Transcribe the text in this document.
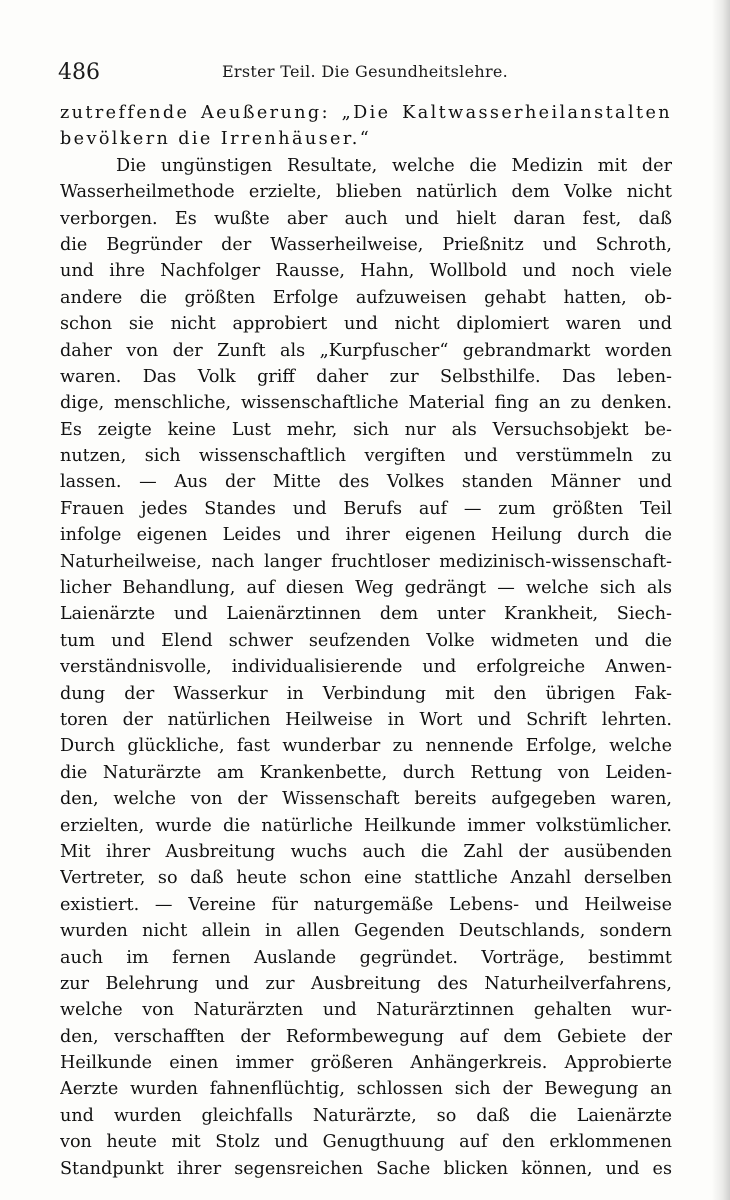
486	Erster Teil. Die Gesundheitslehre.
zutreffende Aeußerung: „Die Kaltwasserheilanstalten
bevölkern die Irrenhäuser.“
Die ungünstigen Resultate, welche die Medizin mit der
Wasserheilmethode erzielte, blieben natürlich dem Volke nicht
verborgen. Es wußte aber auch und hielt daran fest, daß
die Begründer der Wasserheilweise, Prießnitz und Schroth,
und ihre Nachfolger Rausse, Hahn, Wollbold und noch viele
andere die größten Erfolge aufzuweisen gehabt hatten, ob-
schon sie nicht approbiert und nicht diplomiert waren und
daher von der Zunft als „Kurpfuscher“ gebrandmarkt worden
waren. Das Volk griff daher zur Selbsthilfe. Das leben-
dige, menschliche, wissenschaftliche Material fing an zu denken.
Es zeigte keine Lust mehr, sich nur als Versuchsobjekt be-
nutzen, sich wissenschaftlich vergiften und verstümmeln zu
lassen. — Aus der Mitte des Volkes standen Männer und
Frauen jedes Standes und Berufs auf — zum größten Teil
infolge eigenen Leides und ihrer eigenen Heilung durch die
Naturheilweise, nach langer fruchtloser medizinisch-wissenschaft-
licher Behandlung, auf diesen Weg gedrängt — welche sich als
Laienärzte und Laienärztinnen dem unter Krankheit, Siech-
tum und Elend schwer seufzenden Volke widmeten und die
verständnisvolle, individualisierende und erfolgreiche Anwen-
dung der Wasserkur in Verbindung mit den übrigen Fak-
toren der natürlichen Heilweise in Wort und Schrift lehrten.
Durch glückliche, fast wunderbar zu nennende Erfolge, welche
die Naturärzte am Krankenbette, durch Rettung von Leiden-
den, welche von der Wissenschaft bereits aufgegeben waren,
erzielten, wurde die natürliche Heilkunde immer volkstümlicher.
Mit ihrer Ausbreitung wuchs auch die Zahl der ausübenden
Vertreter, so daß heute schon eine stattliche Anzahl derselben
existiert. — Vereine für naturgemäße Lebens- und Heilweise
wurden nicht allein in allen Gegenden Deutschlands, sondern
auch im fernen Auslande gegründet. Vorträge, bestimmt
zur Belehrung und zur Ausbreitung des Naturheilverfahrens,
welche von Naturärzten und Naturärztinnen gehalten wur-
den, verschafften der Reformbewegung auf dem Gebiete der
Heilkunde einen immer größeren Anhängerkreis. Approbierte
Aerzte wurden fahnenflüchtig, schlossen sich der Bewegung an
und wurden gleichfalls Naturärzte, so daß die Laienärzte
von heute mit Stolz und Genugthuung auf den erklommenen
Standpunkt ihrer segensreichen Sache blicken können, und es
